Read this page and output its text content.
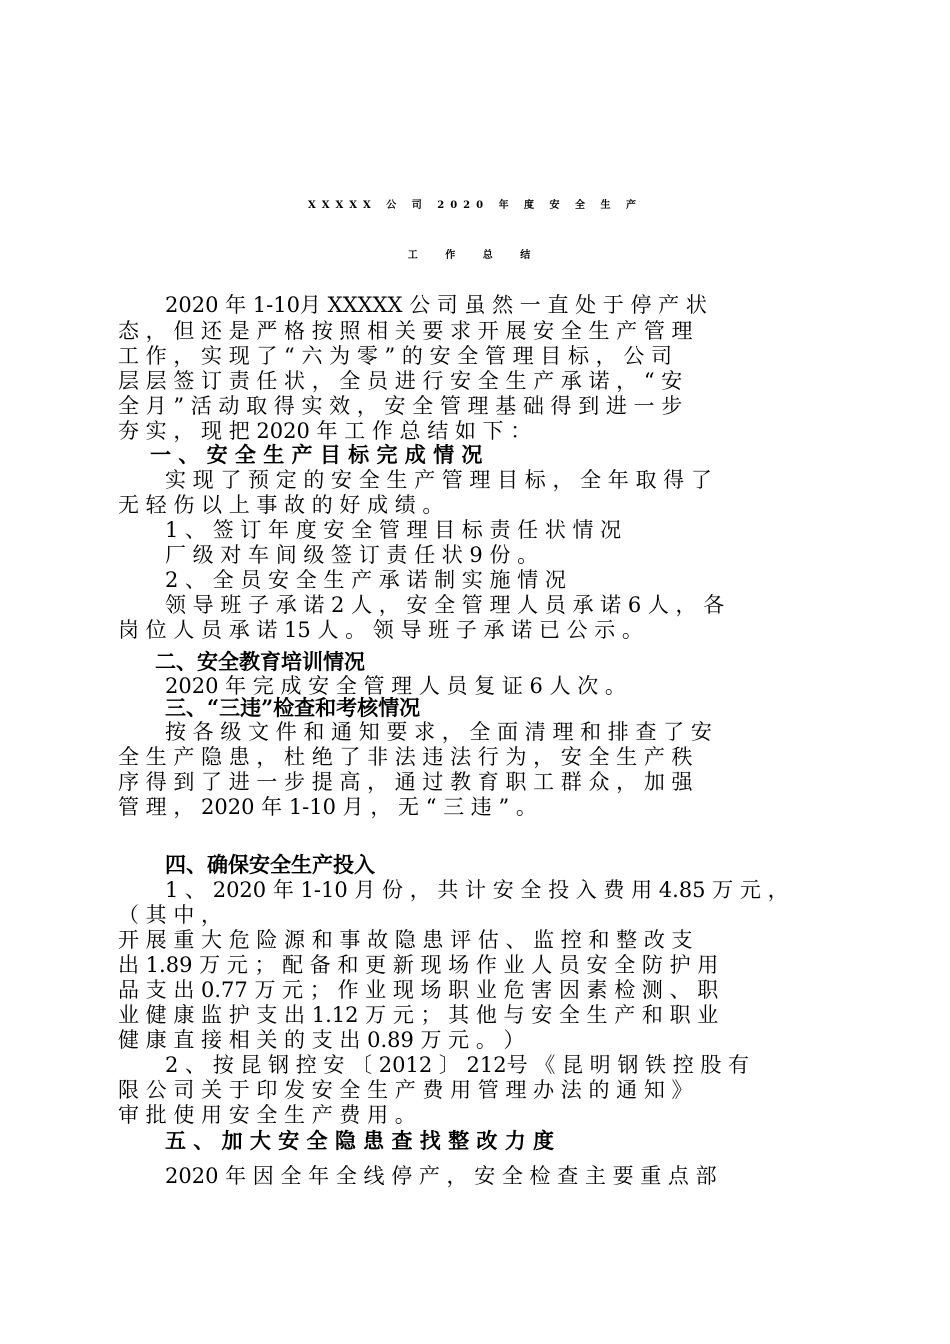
XXXXX 公 司 2020 年 度 安 全 生 产
工 作 总 结
2020 年 1-10月 XXXXX 公 司 虽 然 一 直 处 于 停 产 状
态 ， 但 还 是 严 格 按 照 相 关 要 求 开 展 安 全 生 产 管 理
工 作 ， 实 现 了 “ 六 为 零 ” 的 安 全 管 理 目 标 ， 公 司
层 层 签 订 责 任 状 ， 全 员 进 行 安 全 生 产 承 诺 ， “ 安
全 月 ” 活 动 取 得 实 效 ， 安 全 管 理 基 础 得 到 进 一 步
夯 实 ， 现 把 2020 年 工 作 总 结 如 下 ：
一 、 安 全 生 产 目 标 完 成 情 况
实 现 了 预 定 的 安 全 生 产 管 理 目 标 ， 全 年 取 得 了
无 轻 伤 以 上 事 故 的 好 成 绩 。
1 、 签 订 年 度 安 全 管 理 目 标 责 任 状 情 况
厂 级 对 车 间 级 签 订 责 任 状 9 份 。
2 、 全 员 安 全 生 产 承 诺 制 实 施 情 况
领 导 班 子 承 诺 2 人 ， 安 全 管 理 人 员 承 诺 6 人 ， 各
岗 位 人 员 承 诺 15 人 。 领 导 班 子 承 诺 已 公 示 。
二、安全教育培训情况
2020 年 完 成 安 全 管 理 人 员 复 证 6 人 次 。
三、“三违”检查和考核情况
按 各 级 文 件 和 通 知 要 求 ， 全 面 清 理 和 排 查 了 安
全 生 产 隐 患 ， 杜 绝 了 非 法 违 法 行 为 ， 安 全 生 产 秩
序 得 到 了 进 一 步 提 高 ， 通 过 教 育 职 工 群 众 ， 加 强
管 理 ， 2020 年 1-10 月 ， 无 “ 三 违 ” 。
四、确保安全生产投入
1 、 2020 年 1-10 月 份 ， 共 计 安 全 投 入 费 用 4.85 万 元 ，
（ 其 中 ，
开 展 重 大 危 险 源 和 事 故 隐 患 评 估 、 监 控 和 整 改 支
出 1.89 万 元 ； 配 备 和 更 新 现 场 作 业 人 员 安 全 防 护 用
品 支 出 0.77 万 元 ； 作 业 现 场 职 业 危 害 因 素 检 测 、 职
业 健 康 监 护 支 出 1.12 万 元 ； 其 他 与 安 全 生 产 和 职 业
健 康 直 接 相 关 的 支 出 0.89 万 元 。 ）
2 、 按 昆 钢 控 安 〔 2012 〕 212号 《 昆 明 钢 铁 控 股 有
限 公 司 关 于 印 发 安 全 生 产 费 用 管 理 办 法 的 通 知 》
审 批 使 用 安 全 生 产 费 用 。
五 、 加 大 安 全 隐 患 查 找 整 改 力 度
2020 年 因 全 年 全 线 停 产 ， 安 全 检 查 主 要 重 点 部
